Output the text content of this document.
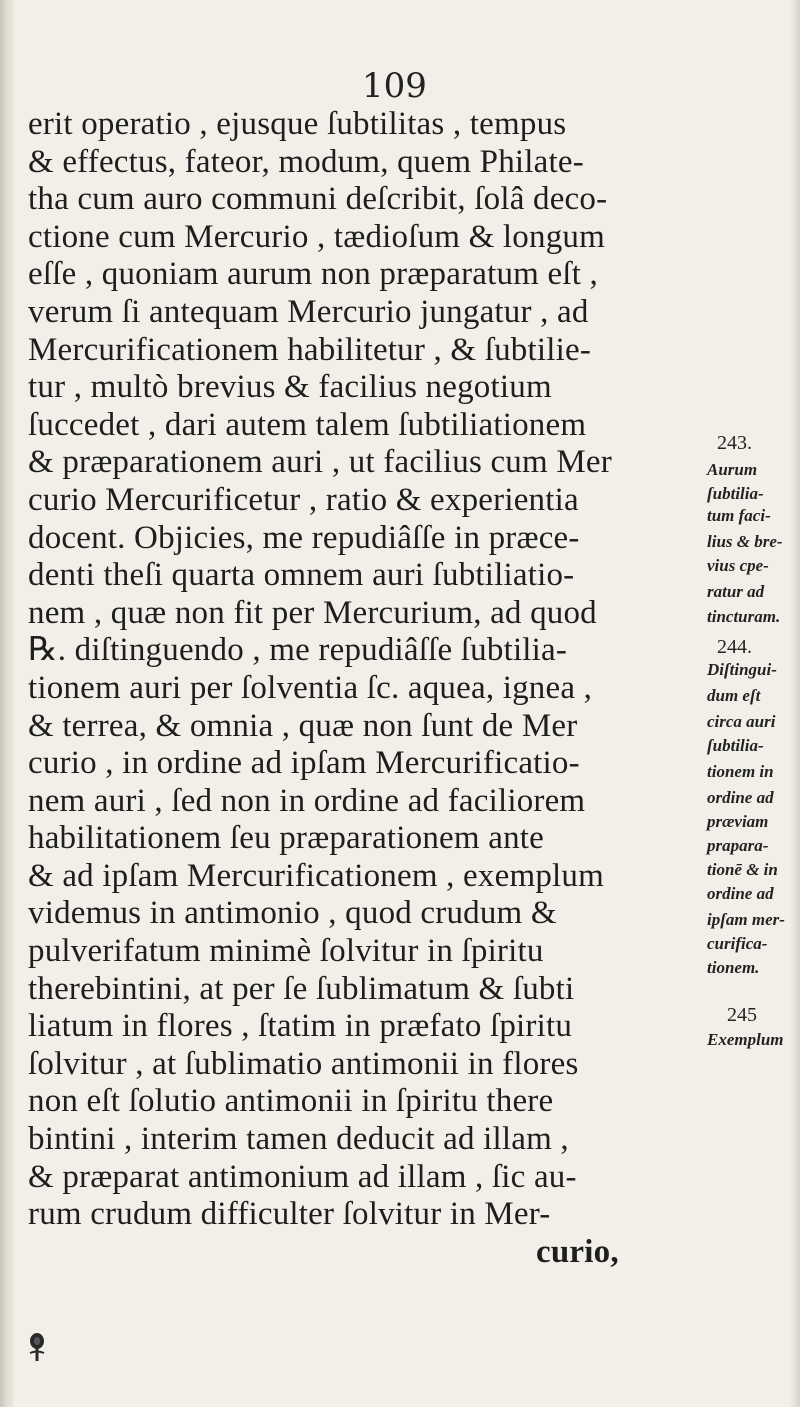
109

erit operatio , ejusque ſubtilitas , tempus
& effectus, fateor, modum, quem Philate-
tha cum auro communi deſcribit, ſolâ deco-
ctione cum Mercurio , tædioſum & longum
eſſe , quoniam aurum non præparatum eſt ,
verum ſi antequam Mercurio jungatur , ad
Mercurificationem habilitetur , & ſubtilie-
tur , multò brevius & facilius negotium
ſuccedet , dari autem talem ſubtiliationem
& præparationem auri , ut facilius cum Mer
curio Mercurificetur , ratio & experientia
docent. Objicies, me repudiâſſe in præce-
denti theſi quarta omnem auri ſubtiliatio-
nem , quæ non fit per Mercurium, ad quod
℞. diſtinguendo , me repudiâſſe ſubtilia-
tionem auri per ſolventia ſc. aquea, ignea ,
& terrea, & omnia , quæ non ſunt de Mer
curio , in ordine ad ipſam Mercurificatio-
nem auri , ſed non in ordine ad faciliorem
habilitationem ſeu præparationem ante
& ad ipſam Mercurificationem , exemplum
videmus in antimonio , quod crudum &
pulverifatum minimè ſolvitur in ſpiritu
therebintini, at per ſe ſublimatum & ſubti
liatum in flores , ſtatim in præfato ſpiritu
ſolvitur , at ſublimatio antimonii in flores
non eſt ſolutio antimonii in ſpiritu there
bintini , interim tamen deducit ad illam ,
& præparat antimonium ad illam , ſic au-
rum crudum difficulter ſolvitur in Mer-
curio,
243.
Aurum
ſubtilia-
tum faci-
lius & bre-
vius cpe-
ratur ad
tincturam.
244.
Diſtingui-
dum eſt
circa auri
ſubtilia-
tionem in
ordine ad
præviam
prapara-
tionē & in
ordine ad
ipſam mer-
curifica-
tionem.
245
Exemplum
